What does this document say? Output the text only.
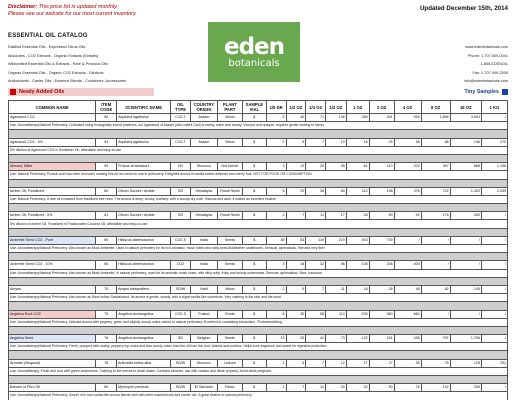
Disclaimer: This price list is updated monthly.
Please see our website for our most current inventory.
Updated December 15th, 2014
ESSENTIAL OIL CATALOG
Distilled Essential Oils - Expressed Citrus Oils
Absolutes - CO2 Extracts - Organic Extracts (Extraits)
Wildcrafted Essential Oils & Extracts - Rare & Precious Oils
Organic Essential Oils - Organic CO2 Extracts - Dilutions
Antioxidants - Carrier Oils - Essence Blends - Containers, Accessories
eden
botanicals
www.edenbotanicals.com
Phone: 1-707-509-0041
1-855-EDENOIL
Fax: 1-707-949-2530
info@edenbotanicals.com
Newly Added Oils	Tiny Samples
COMMON NAME	ITEM CODE	SCIENTIFIC NAME	OIL TYPE	COUNTRY ORIGIN	PLANT PART	SAMPLE VIAL	1/6 DR	1/2 OZ	1/4 OZ	1/2 OZ	1 OZ	2 OZ	4 OZ	8 OZ	16 OZ	1 KG
Agarwood CO2	55	Aquilaria agallocha	CO2-T	Assam	Wood	$	5	40	71	136	250	491	945	1,846	3,593	/
Use: Aromatherapy/Natural Perfumery. Cultivated using ecologically sound practices, our Agarwood of Assam (also called Oud) is earthy, warm and woody. Viscous and opaque, requires gentle heating to blend.																

Agarwood CO2 - 5%	54	Aquilaria agallocha	CO2-T	Assam	Wood	$	2	5	7	10	16	25	46	88	146	270
5% dilution of Agarwood CO2 in Sunflower Oil, affordable and easy-to-use																

Almond, Bitter	59	Prunus armeniaca L.	HD	Morocco	Nut Kernel	$	3	12	20	35	61	110	202	367	668	1,196
Use: Natural Perfumery. Prussic acid has been removed, making this oil non-toxic for use in perfumery. Delightful aroma of vanilla-sweet almonds and cherry fruit. NOT FOR FOOD OR CONSUMPTION.																

Amber Oil, Fossilized	60	Oleum Succini / Ambar	DD	Himalayas	Fossil Resin	$	5	20	36	60	112	198	378	722	1,403	2,059
Use: Natural Perfumery. A rare oil extracted from fossilized tree resin. The aroma is deep, smoky, leathery, with a woody-dry note. Viscous and dark, it makes an excellent fixative.																

Amber Oil, Fossilized - 5%	61	Oleum Succini / Ambar	DD	Himalayas	Fossil Resin	$	2	7	11	17	28	50	92	176	300	/
5% dilution of Amber Oil, Fossilized in Fractionated Coconut Oil, affordable and easy-to-use.																

Ambrette Seed CO2 - Pure	65	Hibiscus abelmoschus	CO2-S	India	Seeds	$	35	63	119	219	403	739	/	/	/	/
Use: Aromatherapy/Natural Perfumery. Also known as Musk Ambrette. Used in natural perfumery for its rich aromatic, musk notes and nutty-seed-like/leather undertones. Sensual, aphrodisiac, fine and very fine!																

Ambrette Seed CO2 - 10%	66	Hibiscus abelmoschus	CO2	India	Seeds	$	3	16	32	56	108	206	400	/	/	/
Use: Aromatherapy/Natural Perfumery. Also known as Musk Ambrette, in natural perfumery, used for its animalic musk notes, with silky nutty, fruity and woody undertones. Sensual, aphrodisiac. Nice, luxurious.																

Amyris	70	Amyris balsamifera	SD/W	Haiti	Wood	$	2	5	7	11	16	26	46	82	145	/
Use: Aromatherapy/Natural Perfumery. Also known as West Indian Sandalwood, its aroma is gentle, woody, with a slight vanilla-like undertone. Very calming to the skin and the mind.																

Angelica Root CO2	75	Angelica archangelica	CO2-S	Poland	Roots	$	6	30	58	110	205	360	660	/	/	/
Use: Aromatherapy/Natural Perfumery. Delicate aroma with peppery, green and slightly woody notes valued in natural perfumery. Excellent in combating exhaustion. Photosensitizing.																

Angelica Seed	76	Angelica archangelica	SD	Belgium	Seeds	$	13	25	41	73	132	241	438	797	1,796	/
Use: Aromatherapy/Natural Perfumery. Fresh, pungent with musky, peppery top notes and less woody notes than the oil from the root. Warms and soothes. Helps tone fragrance and sweet for digestive protection.																

Armoise (Mugwort)	78	Artemisia herba-alba	SD/W	Morocco	Leaves	$	2	5	7	12	17	27	45	75	128	251
Use: Aromatherapy. Fresh and cool with green undertones. Calming to the nerves in small doses. Contains ketones, use with caution and dilute properly. Avoid while pregnant.																

Balsam of Peru Oil	80	Myroxylon pereirae	SD/W	El Salvador	Resin	$	2	7	12	20	32	50	76	132	206	/
Use: Aromatherapy/Natural Perfumery. Sweet, rich and vanilla-like aroma blends well with other essential oils and carrier oils. A great fixative in natural perfumery.																
